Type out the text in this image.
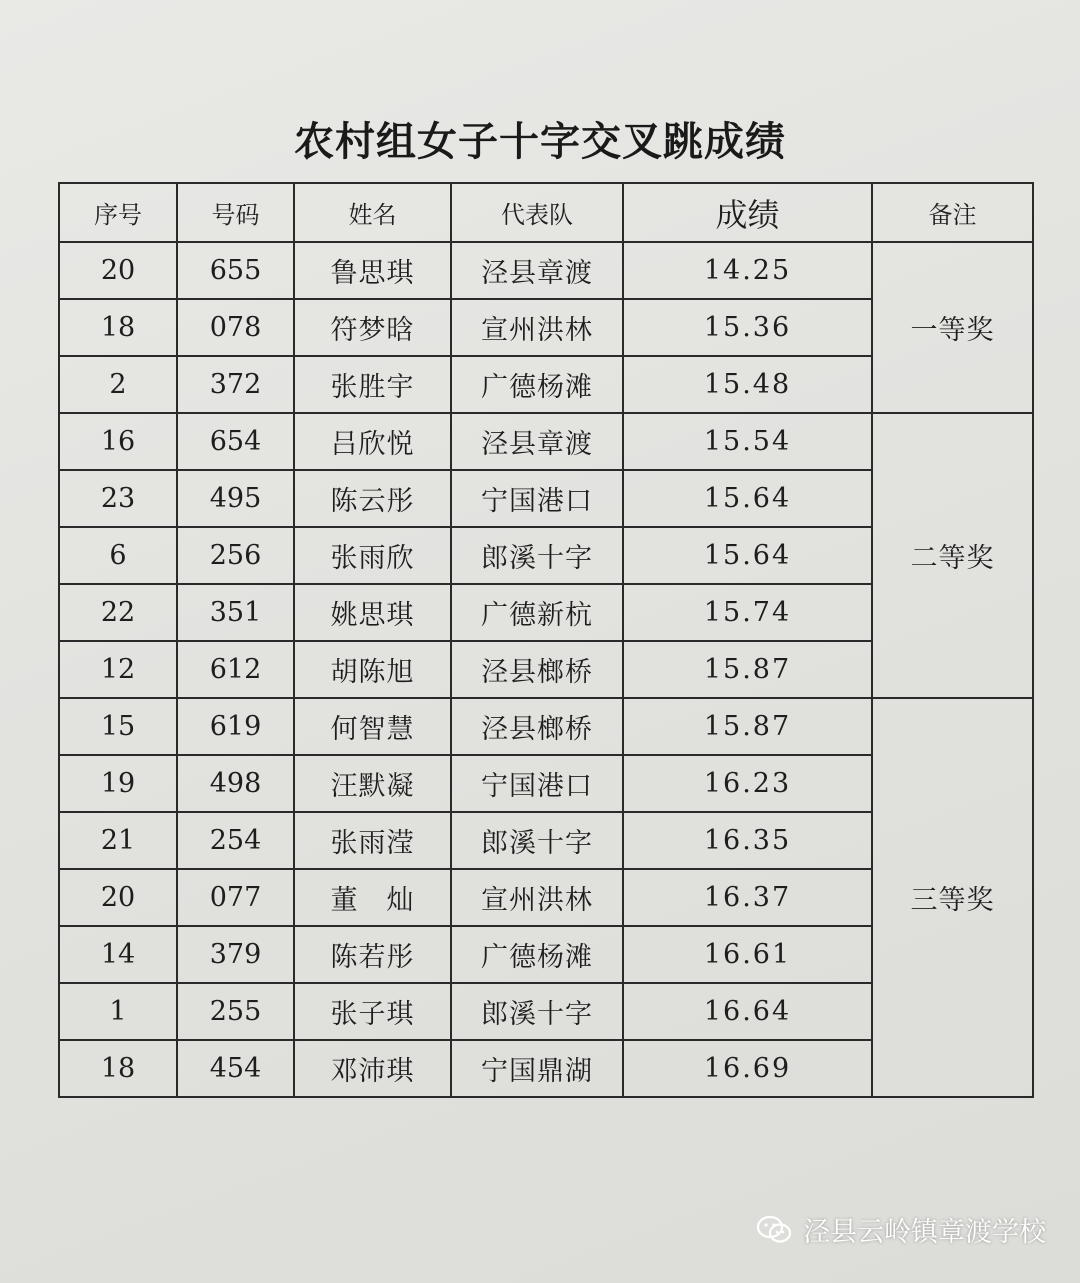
农村组女子十字交叉跳成绩
序号	号码	姓名	代表队	成绩	备注
20	655	鲁思琪	泾县章渡	14.25	一等奖
18	078	符梦晗	宣州洪林	15.36	
2	372	张胜宇	广德杨滩	15.48	
16	654	吕欣悦	泾县章渡	15.54	二等奖
23	495	陈云彤	宁国港口	15.64	
6	256	张雨欣	郎溪十字	15.64	
22	351	姚思琪	广德新杭	15.74	
12	612	胡陈旭	泾县榔桥	15.87	
15	619	何智慧	泾县榔桥	15.87	三等奖
19	498	汪默凝	宁国港口	16.23	
21	254	张雨滢	郎溪十字	16.35	
20	077	董　灿	宣州洪林	16.37	
14	379	陈若彤	广德杨滩	16.61	
1	255	张子琪	郎溪十字	16.64	
18	454	邓沛琪	宁国鼎湖	16.69	
泾县云岭镇章渡学校
